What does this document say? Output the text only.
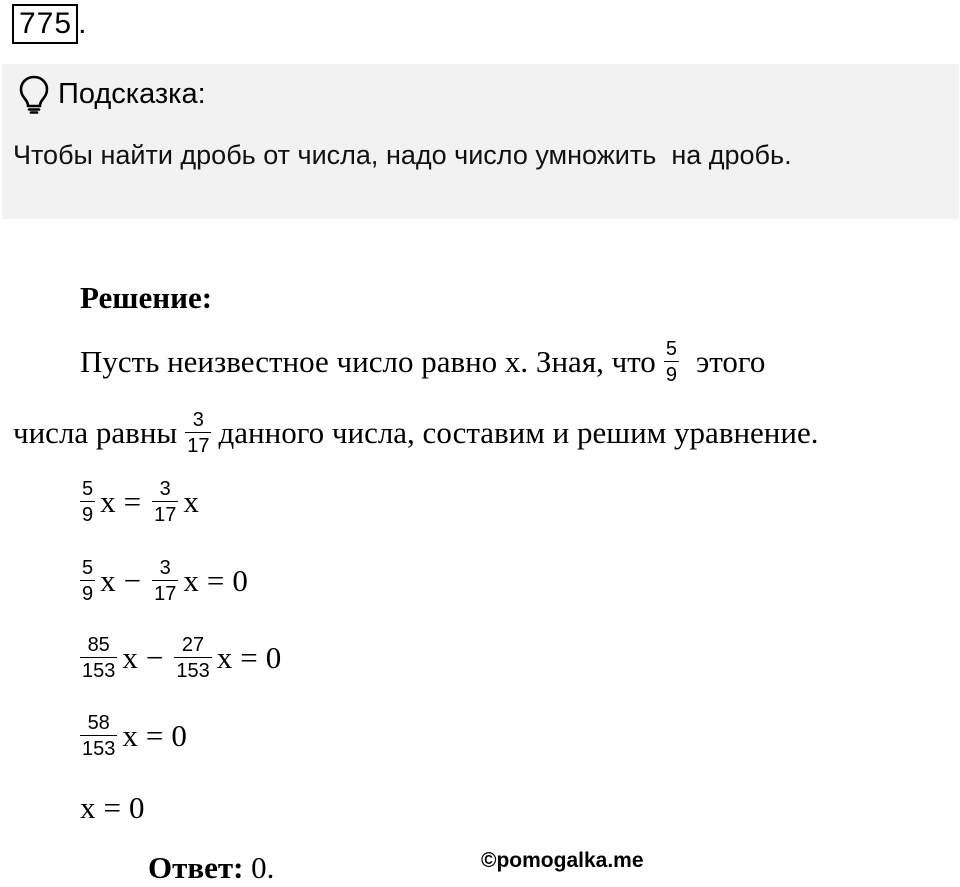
775 .
Подсказка:
Чтобы найти дробь от числа, надо число умножить  на дробь.
Решение:
Пусть неизвестное число равно х. Зная, что $\frac{5}{9}$ этого
числа равны $\frac{3}{17}$ данного числа, составим и решим уравнение.
$\frac{5}{9}$ $x = \frac{3}{17}$ x
$\frac{5}{9}$ $x - \frac{3}{17}$ x = 0
$\frac{85}{153}$ $x - \frac{27}{153}$ x = 0
$\frac{58}{153}$ x = 0
x = 0
Ответ: 0.	©pomogalka.me
